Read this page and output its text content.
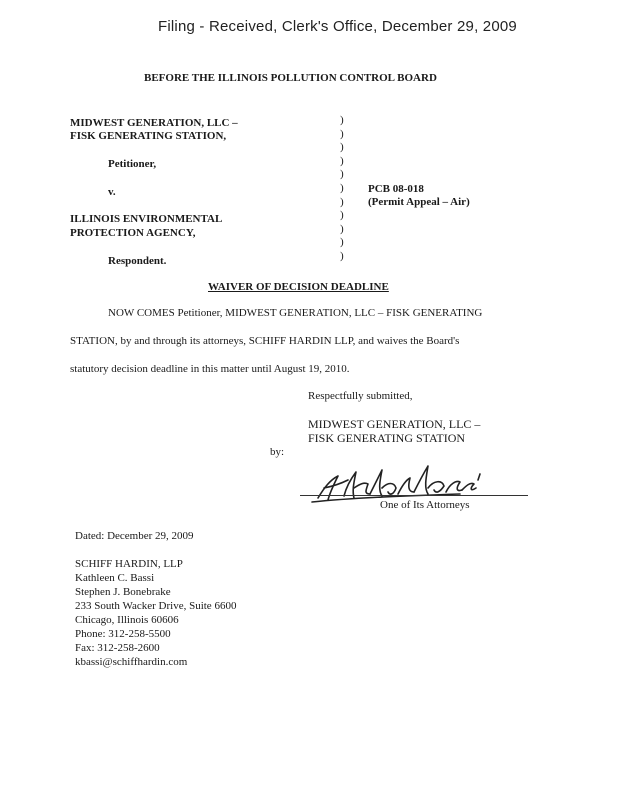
Filing - Received, Clerk's Office, December 29, 2009
BEFORE THE ILLINOIS POLLUTION CONTROL BOARD
MIDWEST GENERATION, LLC –
FISK GENERATING STATION,
Petitioner,
v.
ILLINOIS ENVIRONMENTAL
PROTECTION AGENCY,
Respondent.
)
)
)
)
)
)
)
)
)
)
)
PCB 08-018
(Permit Appeal – Air)
WAIVER OF DECISION DEADLINE
NOW COMES Petitioner, MIDWEST GENERATION, LLC – FISK GENERATING
STATION, by and through its attorneys, SCHIFF HARDIN LLP, and waives the Board's
statutory decision deadline in this matter until August 19, 2010.
Respectfully submitted,
MIDWEST GENERATION, LLC –
FISK GENERATING STATION
by:
One of Its Attorneys
Dated: December 29, 2009
SCHIFF HARDIN, LLP
Kathleen C. Bassi
Stephen J. Bonebrake
233 South Wacker Drive, Suite 6600
Chicago, Illinois 60606
Phone: 312-258-5500
Fax: 312-258-2600
kbassi@schiffhardin.com
